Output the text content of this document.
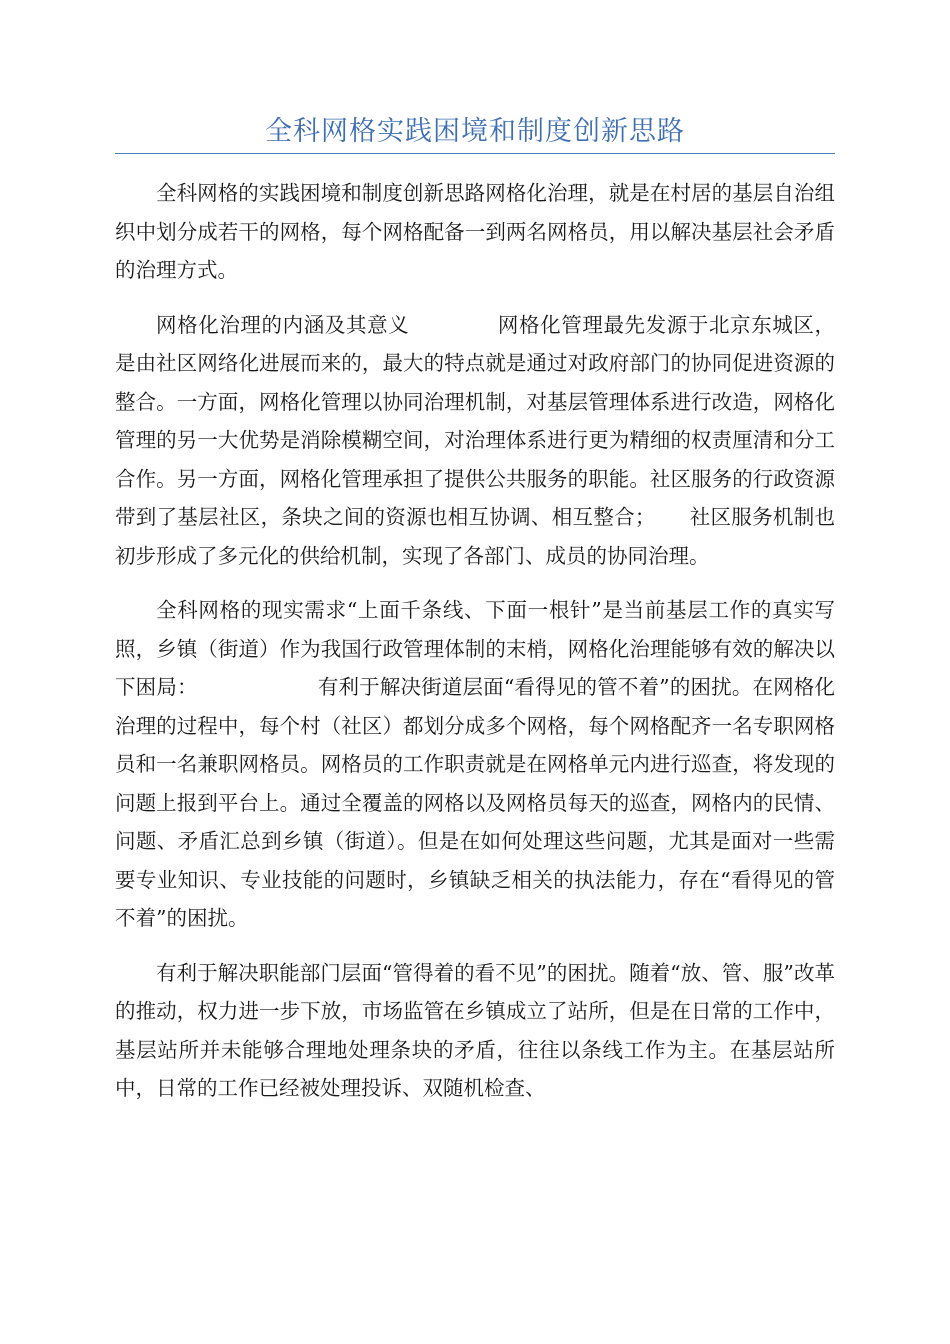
全科网格实践困境和制度创新思路

全科网格的实践困境和制度创新思路网格化治理，就是在村居的基层自治组织中划分成若干的网格，每个网格配备一到两名网格员，用以解决基层社会矛盾的治理方式。

网格化治理的内涵及其意义	网格化管理最先发源于北京东城区，是由社区网络化进展而来的，最大的特点就是通过对政府部门的协同促进资源的整合。一方面，网格化管理以协同治理机制，对基层管理体系进行改造，网格化管理的另一大优势是消除模糊空间，对治理体系进行更为精细的权责厘清和分工合作。另一方面，网格化管理承担了提供公共服务的职能。社区服务的行政资源带到了基层社区，条块之间的资源也相互协调、相互整合； 社区服务机制也初步形成了多元化的供给机制，实现了各部门、成员的协同治理。

全科网格的现实需求“上面千条线、下面一根针”是当前基层工作的真实写照，乡镇（街道）作为我国行政管理体制的末梢，网格化治理能够有效的解决以下困局：	有利于解决街道层面“看得见的管不着”的困扰。在网格化治理的过程中，每个村（社区）都划分成多个网格，每个网格配齐一名专职网格员和一名兼职网格员。网格员的工作职责就是在网格单元内进行巡查，将发现的问题上报到平台上。通过全覆盖的网格以及网格员每天的巡查，网格内的民情、问题、矛盾汇总到乡镇（街道）。但是在如何处理这些问题，尤其是面对一些需要专业知识、专业技能的问题时，乡镇缺乏相关的执法能力，存在“看得见的管不着”的困扰。

有利于解决职能部门层面“管得着的看不见”的困扰。随着“放、管、服”改革的推动，权力进一步下放，市场监管在乡镇成立了站所，但是在日常的工作中，基层站所并未能够合理地处理条块的矛盾，往往以条线工作为主。在基层站所中，日常的工作已经被处理投诉、双随机检查、
